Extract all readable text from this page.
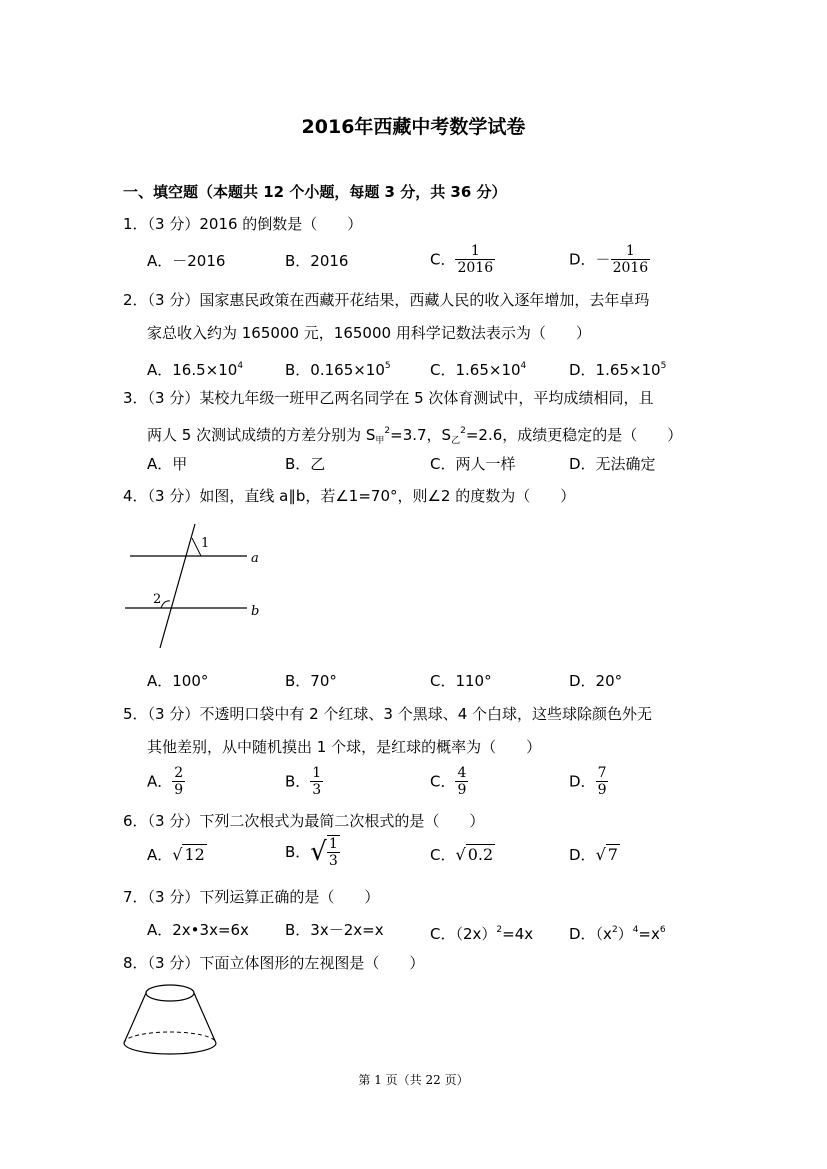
2016年西藏中考数学试卷
一、填空题（本题共 12 个小题，每题 3 分，共 36 分）
1．（3 分）2016 的倒数是（　　）
A．－2016	B．2016	C． $\frac{1}{2016}$	D．－ $\frac{1}{2016}$
2．（3 分）国家惠民政策在西藏开花结果，西藏人民的收入逐年增加，去年卓玛
家总收入约为 165000 元，165000 用科学记数法表示为（　　）
A．$16.5\times 10^4$	B．$0.165\times 10^5$	C．$1.65\times 10^4$	D．$1.65\times 10^5$
3．（3 分）某校九年级一班甲乙两名同学在 5 次体育测试中，平均成绩相同，且
两人 5 次测试成绩的方差分别为 $S_甲^2=3.7$，$S_乙^2=2.6$，成绩更稳定的是（　　）
A．甲	B．乙	C．两人一样	D．无法确定
4．（3 分）如图，直线 a∥b，若∠1=70°，则∠2 的度数为（　　）
1
2
a
b
A．100°	B．70°	C．110°	D．20°
5．（3 分）不透明口袋中有 2 个红球、3 个黑球、4 个白球，这些球除颜色外无
其他差别，从中随机摸出 1 个球，是红球的概率为（　　）
A． $\frac{2}{9}$	B． $\frac{1}{3}$	C． $\frac{4}{9}$	D． $\frac{7}{9}$
6．（3 分）下列二次根式为最简二次根式的是（　　）
A．√ 12	B．√ $\frac{1}{3}$	C．√ 0.2	D．√ 7
7．（3 分）下列运算正确的是（　　）
A．2x•3x=6x B．3x－2x=x	C．$(2x)^2=4x$ D．$(x^2)^4=x^6$
8．（3 分）下面立体图形的左视图是（　　）
第 1 页（共 22 页）
